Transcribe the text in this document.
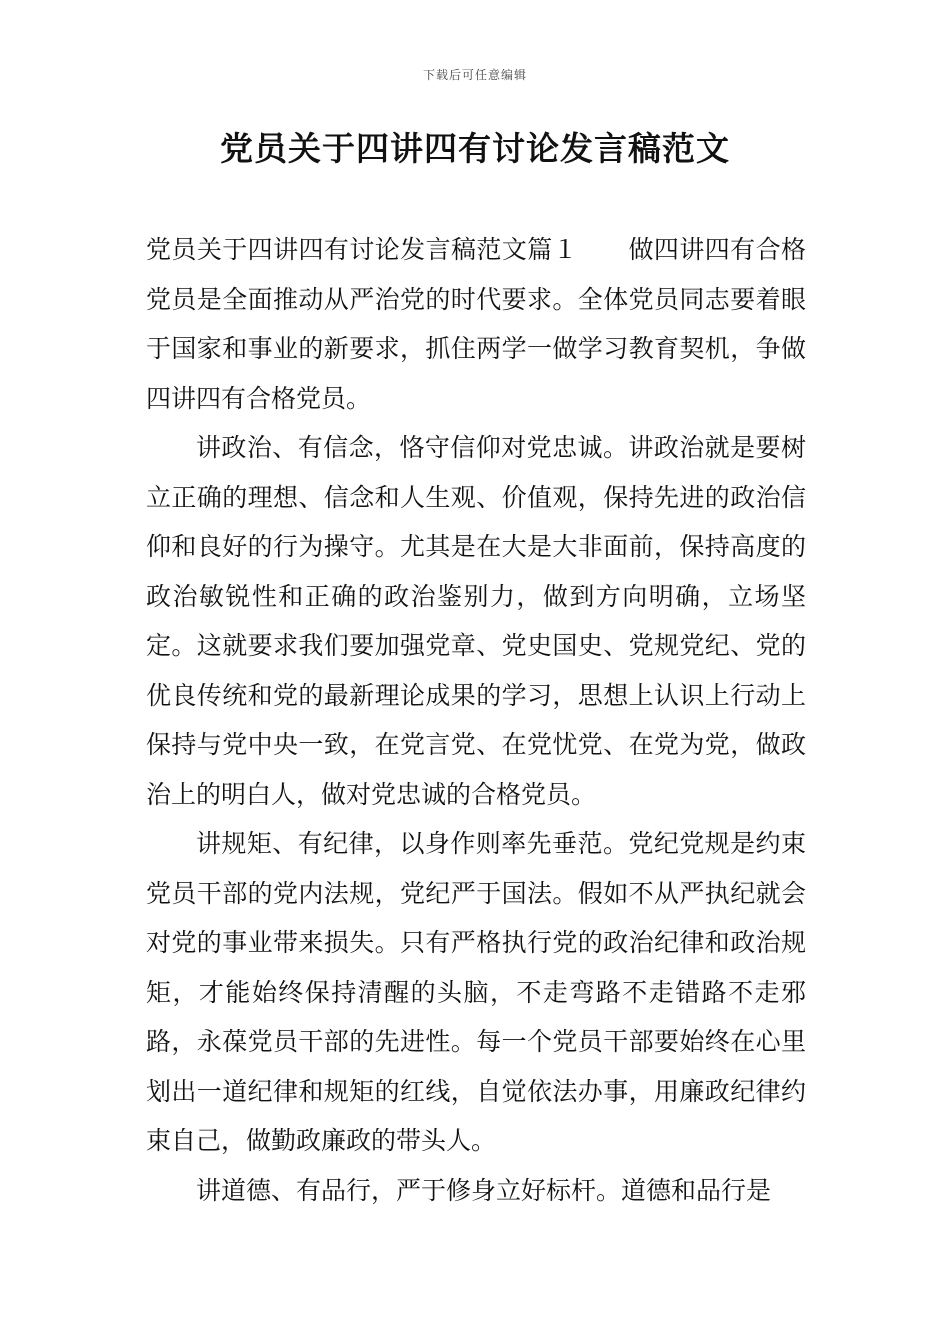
下载后可任意编辑
党员关于四讲四有讨论发言稿范文

党员关于四讲四有讨论发言稿范文篇１ 做四讲四有合格党员是全面推动从严治党的时代要求。全体党员同志要着眼于国家和事业的新要求，抓住两学一做学习教育契机，争做四讲四有合格党员。

讲政治、有信念，恪守信仰对党忠诚。讲政治就是要树立正确的理想、信念和人生观、价值观，保持先进的政治信仰和良好的行为操守。尤其是在大是大非面前，保持高度的政治敏锐性和正确的政治鉴别力，做到方向明确，立场坚定。这就要求我们要加强党章、党史国史、党规党纪、党的优良传统和党的最新理论成果的学习，思想上认识上行动上保持与党中央一致，在党言党、在党忧党、在党为党，做政治上的明白人，做对党忠诚的合格党员。

讲规矩、有纪律，以身作则率先垂范。党纪党规是约束党员干部的党内法规，党纪严于国法。假如不从严执纪就会对党的事业带来损失。只有严格执行党的政治纪律和政治规矩，才能始终保持清醒的头脑，不走弯路不走错路不走邪路，永葆党员干部的先进性。每一个党员干部要始终在心里划出一道纪律和规矩的红线，自觉依法办事，用廉政纪律约束自己，做勤政廉政的带头人。

讲道德、有品行，严于修身立好标杆。道德和品行是
